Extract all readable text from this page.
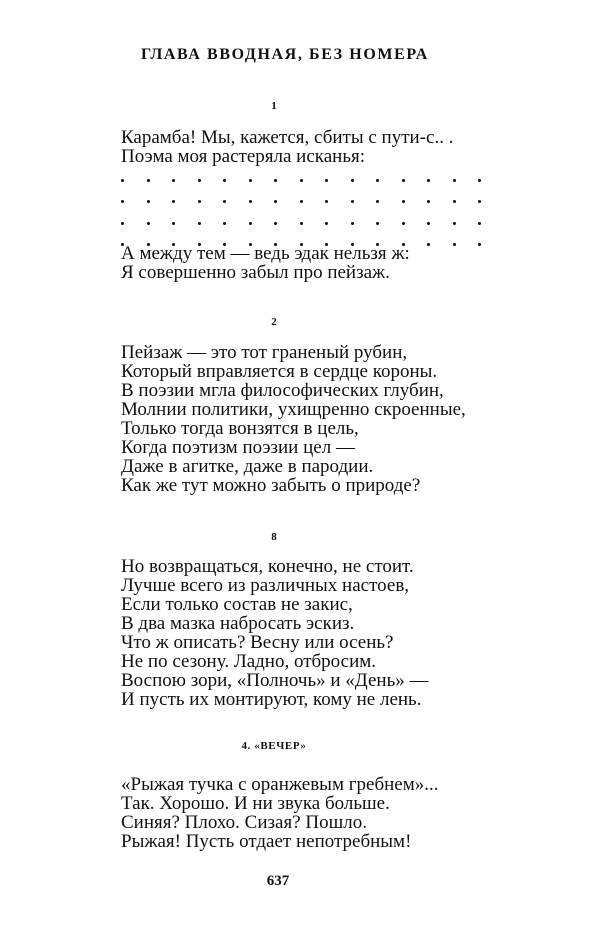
ГЛАВА ВВОДНАЯ, БЕЗ НОМЕРА
1
Карамба! Мы, кажется, сбиты с пути-с.. .
Поэма моя растеряла исканья:
А между тем — ведь эдак нельзя ж:
Я совершенно забыл про пейзаж.
2
Пейзаж — это тот граненый рубин,
Который вправляется в сердце короны.
В поэзии мгла философических глубин,
Молнии политики, ухищренно скроенные,
Только тогда вонзятся в цель,
Когда поэтизм поэзии цел —
Даже в агитке, даже в пародии.
Как же тут можно забыть о природе?
8
Но возвращаться, конечно, не стоит.
Лучше всего из различных настоев,
Если только состав не закис,
В два мазка набросать эскиз.
Что ж описать? Весну или осень?
Не по сезону. Ладно, отбросим.
Воспою зори, «Полночь» и «День» —
И пусть их монтируют, кому не лень.
4. «ВЕЧЕР»
«Рыжая тучка с оранжевым гребнем»...
Так. Хорошо. И ни звука больше.
Синяя? Плохо. Сизая? Пошло.
Рыжая! Пусть отдает непотребным!
637
